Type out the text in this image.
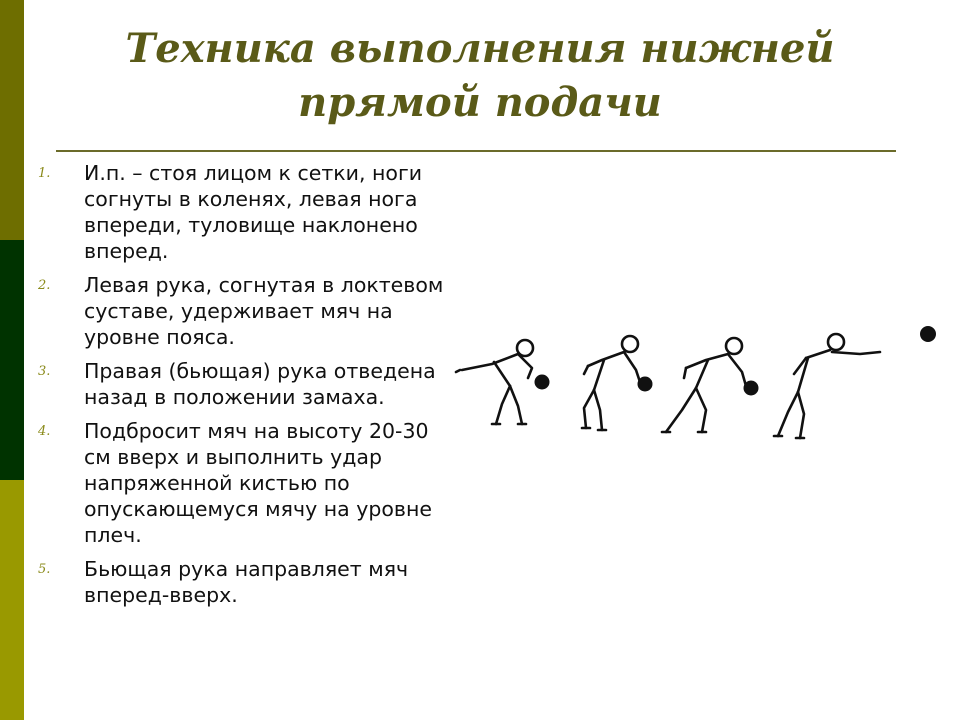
Техника выполнения нижней
прямой подачи
1. И.п. – стоя лицом к сетки, ноги согнуты в коленях, левая нога впереди, туловище наклонено вперед.
2. Левая рука, согнутая в локтевом суставе, удерживает мяч на уровне пояса.
3. Правая (бьющая) рука отведена назад в положении замаха.
4. Подбросит мяч на высоту 20-30 см вверх и выполнить удар напряженной кистью по опускающемуся мячу на уровне плеч.
5. Бьющая рука направляет мяч вперед-вверх.
